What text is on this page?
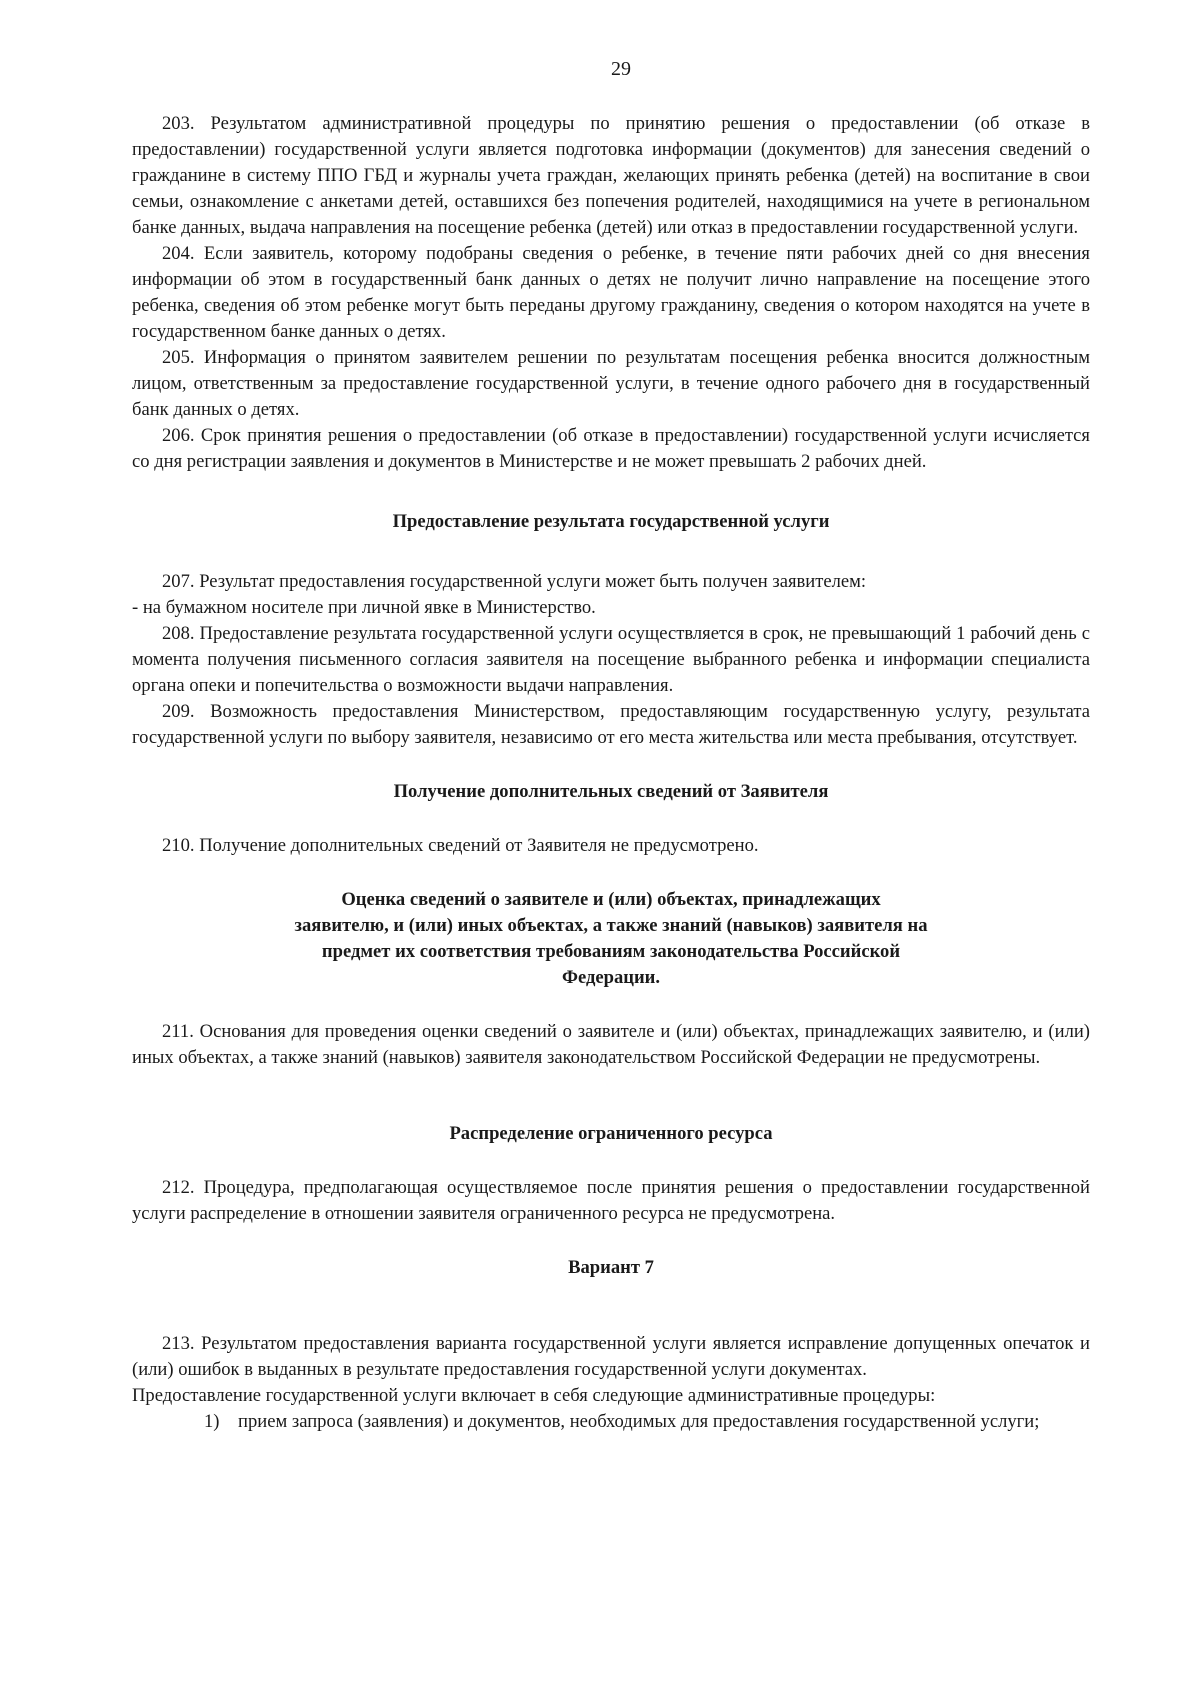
29

203. Результатом административной процедуры по принятию решения о предоставлении (об отказе в предоставлении) государственной услуги является подготовка информации (документов) для занесения сведений о гражданине в систему ППО ГБД и журналы учета граждан, желающих принять ребенка (детей) на воспитание в свои семьи, ознакомление с анкетами детей, оставшихся без попечения родителей, находящимися на учете в региональном банке данных, выдача направления на посещение ребенка (детей) или отказ в предоставлении государственной услуги.

204. Если заявитель, которому подобраны сведения о ребенке, в течение пяти рабочих дней со дня внесения информации об этом в государственный банк данных о детях не получит лично направление на посещение этого ребенка, сведения об этом ребенке могут быть переданы другому гражданину, сведения о котором находятся на учете в государственном банке данных о детях.

205. Информация о принятом заявителем решении по результатам посещения ребенка вносится должностным лицом, ответственным за предоставление государственной услуги, в течение одного рабочего дня в государственный банк данных о детях.

206. Срок принятия решения о предоставлении (об отказе в предоставлении) государственной услуги исчисляется со дня регистрации заявления и документов в Министерстве и не может превышать 2 рабочих дней.

Предоставление результата государственной услуги

207. Результат предоставления государственной услуги может быть получен заявителем:

- на бумажном носителе при личной явке в Министерство.

208. Предоставление результата государственной услуги осуществляется в срок, не превышающий 1 рабочий день с момента получения письменного согласия заявителя на посещение выбранного ребенка и информации специалиста органа опеки и попечительства о возможности выдачи направления.

209. Возможность предоставления Министерством, предоставляющим государственную услугу, результата государственной услуги по выбору заявителя, независимо от его места жительства или места пребывания, отсутствует.

Получение дополнительных сведений от Заявителя

210. Получение дополнительных сведений от Заявителя не предусмотрено.

Оценка сведений о заявителе и (или) объектах, принадлежащих
заявителю, и (или) иных объектах, а также знаний (навыков) заявителя на
предмет их соответствия требованиям законодательства Российской
Федерации.

211. Основания для проведения оценки сведений о заявителе и (или) объектах, принадлежащих заявителю, и (или) иных объектах, а также знаний (навыков) заявителя законодательством Российской Федерации не предусмотрены.

Распределение ограниченного ресурса

212. Процедура, предполагающая осуществляемое после принятия решения о предоставлении государственной услуги распределение в отношении заявителя ограниченного ресурса не предусмотрена.

Вариант 7

213. Результатом предоставления варианта государственной услуги является исправление допущенных опечаток и (или) ошибок в выданных в результате предоставления государственной услуги документах.

Предоставление государственной услуги включает в себя следующие административные процедуры:

1) прием запроса (заявления) и документов, необходимых для предоставления государственной услуги;
